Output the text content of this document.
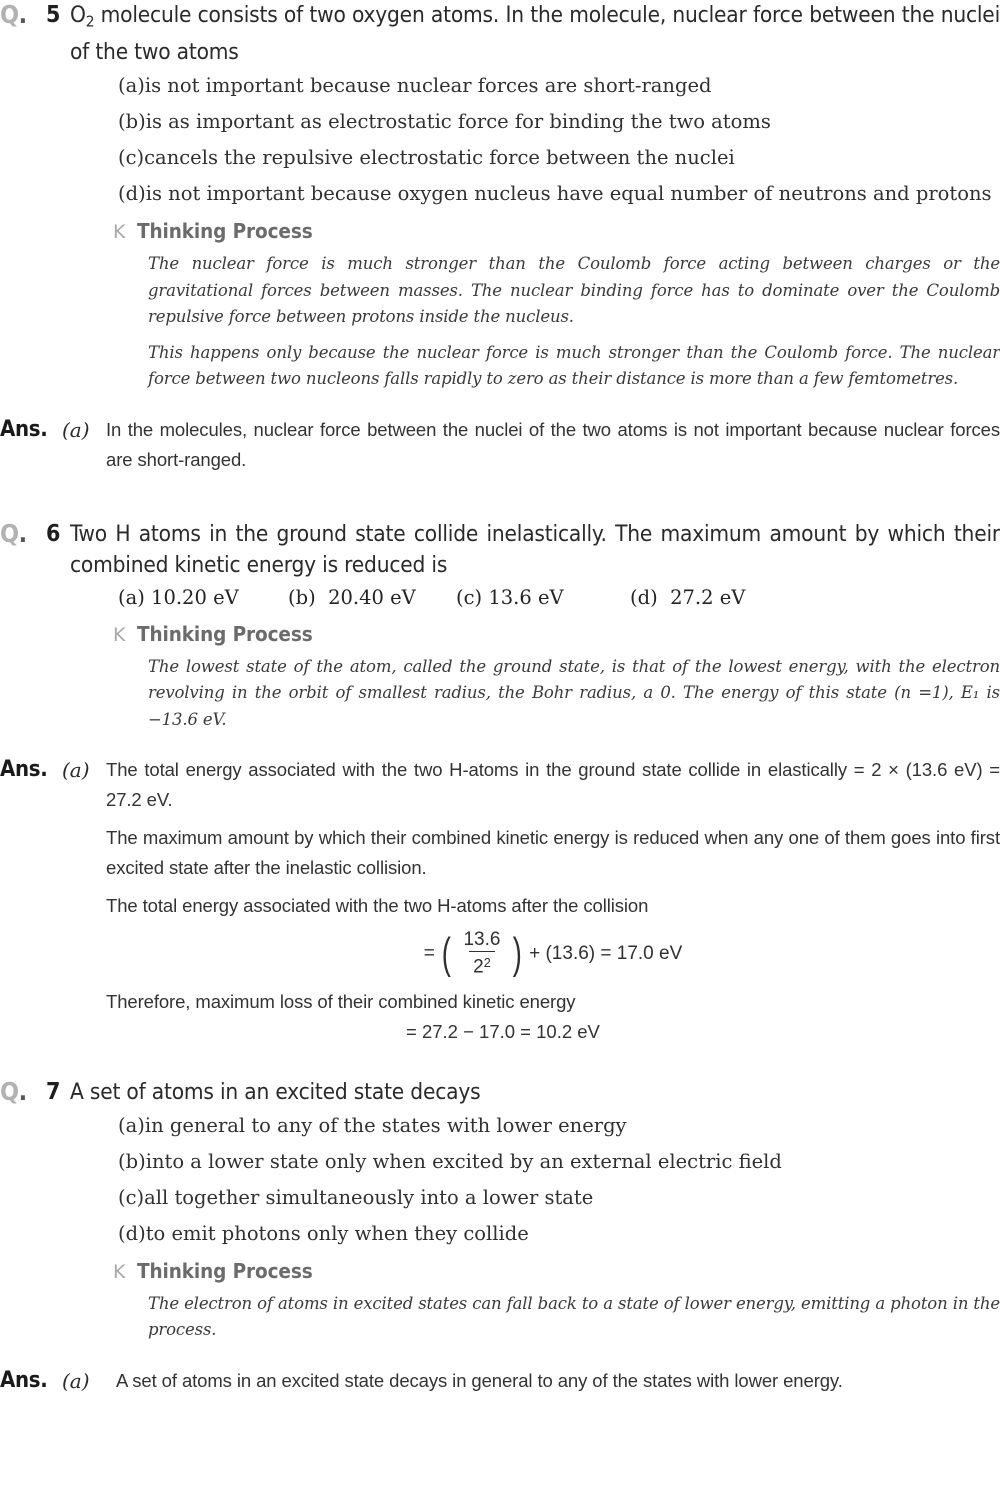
Q. 5 $O_2$ molecule consists of two oxygen atoms. In the molecule, nuclear force between the nuclei of the two atoms
(a) is not important because nuclear forces are short-ranged
(b) is as important as electrostatic force for binding the two atoms
(c) cancels the repulsive electrostatic force between the nuclei
(d) is not important because oxygen nucleus have equal number of neutrons and protons
K Thinking Process

The nuclear force is much stronger than the Coulomb force acting between charges or the gravitational forces between masses. The nuclear binding force has to dominate over the Coulomb repulsive force between protons inside the nucleus.

This happens only because the nuclear force is much stronger than the Coulomb force. The nuclear force between two nucleons falls rapidly to zero as their distance is more than a few femtometres.

Ans. (a) In the molecules, nuclear force between the nuclei of the two atoms is not important because nuclear forces are short-ranged.

Q. 6 Two H atoms in the ground state collide inelastically. The maximum amount by which their combined kinetic energy is reduced is
(a) 10.20 eV	(b) 20.40 eV	(c) 13.6 eV	(d) 27.2 eV
K Thinking Process

The lowest state of the atom, called the ground state, is that of the lowest energy, with the electron revolving in the orbit of smallest radius, the Bohr radius, a 0. The energy of this state (n =1), E₁ is −13.6 eV.

Ans. (a) The total energy associated with the two H-atoms in the ground state collide in elastically = 2 × (13.6 eV) = 27.2 eV.

The maximum amount by which their combined kinetic energy is reduced when any one of them goes into first excited state after the inelastic collision.

The total energy associated with the two H-atoms after the collision

= ( $\frac{13.6}{2^2}$ ) + (13.6) = 17.0 eV

Therefore, maximum loss of their combined kinetic energy

= 27.2 − 17.0 = 10.2 eV
Q. 7 A set of atoms in an excited state decays
(a) in general to any of the states with lower energy
(b) into a lower state only when excited by an external electric field
(c) all together simultaneously into a lower state
(d) to emit photons only when they collide
K Thinking Process

The electron of atoms in excited states can fall back to a state of lower energy, emitting a photon in the process.

Ans. (a)	A set of atoms in an excited state decays in general to any of the states with lower energy.
